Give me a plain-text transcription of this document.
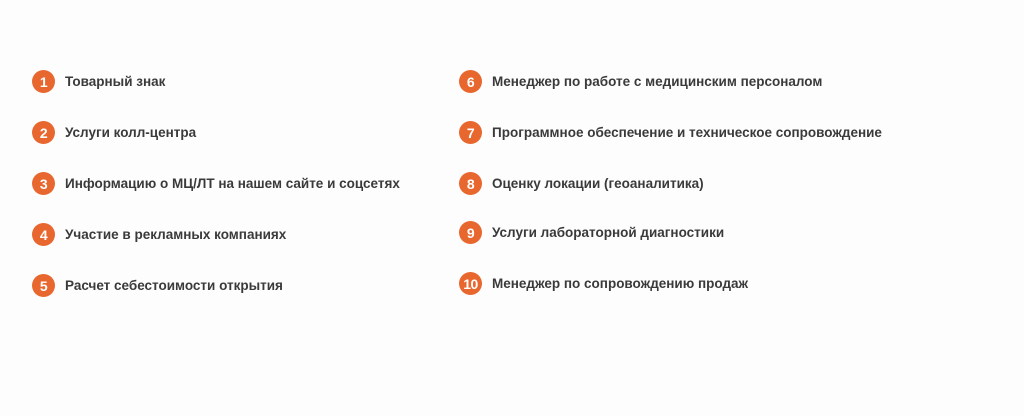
1	Товарный знак
2	Услуги колл-центра
3	Информацию о МЦ/ЛТ на нашем сайте и соцсетях
4	Участие в рекламных компаниях
5	Расчет себестоимости открытия
6	Менеджер по работе с медицинским персоналом
7	Программное обеспечение и техническое сопровождение
8	Оценку локации (геоаналитика)
9	Услуги лабораторной диагностики
10	Менеджер по сопровождению продаж
